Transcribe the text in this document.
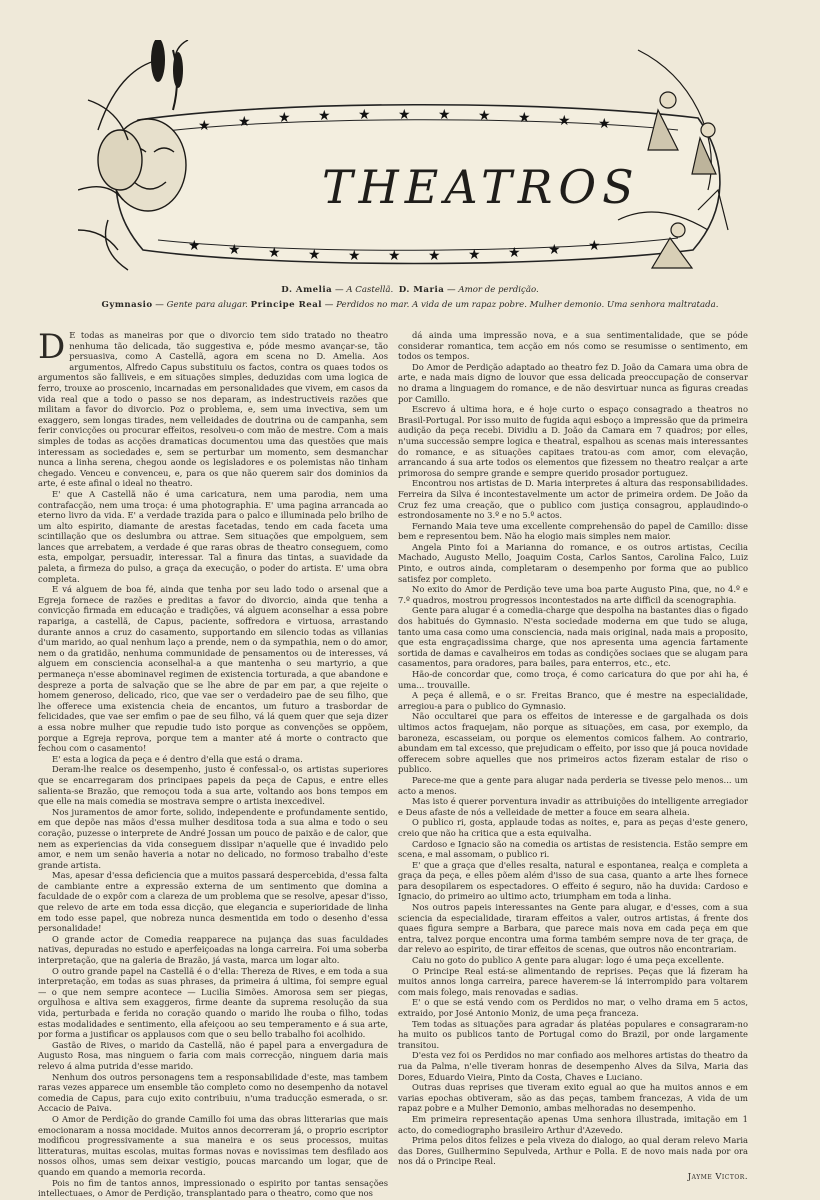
★ ★ ★ ★ ★ ★ ★ ★ ★ ★ ★
★ ★ ★ ★ ★ ★ ★ ★ ★ ★ ★
THEATROS
D. Amelia — A Castellã. D. Maria — Amor de perdição.
Gymnasio — Gente para alugar. Principe Real — Perdidos no mar. A vida de um rapaz pobre. Mulher demonio. Uma senhora maltratada.
D E todas as maneiras por que o divorcio tem sido tratado no theatro nenhuma tão delicada, tão suggestiva e, póde mesmo avançar-se, tão persuasiva, como A Castellã, agora em scena no D. Amelia. Aos argumentos, Alfredo Capus substituiu os factos, contra os quaes todos os argumentos são falliveis, e em situações simples, deduzidas com uma logica de ferro, trouxe ao proscenio, incarnadas em personalidades que vivem, em casos da vida real que a todo o passo se nos deparam, as indestructiveis razões que militam a favor do divorcio. Poz o problema, e, sem uma invectiva, sem um exaggero, sem longas tirades, nem velleidades de doutrina ou de campanha, sem ferir convicções ou procurar effeitos, resolveu-o com mão de mestre. Com a mais simples de todas as acções dramaticas documentou uma das questões que mais interessam as sociedades e, sem se perturbar um momento, sem desmanchar nunca a linha serena, chegou aonde os legisladores e os polemistas não tinham chegado. Venceu e convenceu, e, para os que não querem sair dos dominios da arte, é este afinal o ideal no theatro.

E' que A Castellã não é uma caricatura, nem uma parodia, nem uma contrafacção, nem uma troça: é uma photographia. E' uma pagina arrancada ao eterno livro da vida. E' a verdade trazida para o palco e illuminada pelo brilho de um alto espirito, diamante de arestas facetadas, tendo em cada faceta uma scintillação que os deslumbra ou attrae. Sem situações que empolguem, sem lances que arrebatem, a verdade é que raras obras de theatro conseguem, como esta, empolgar, persuadir, interessar. Tal a finura das tintas, a suavidade da paleta, a firmeza do pulso, a graça da execução, o poder do artista. E' uma obra completa.

E vá alguem de boa fé, ainda que tenha por seu lado todo o arsenal que a Egreja fornece de razões e preditas a favor do divorcio, ainda que tenha a convicção firmada em educação e tradições, vá alguem aconselhar a essa pobre rapariga, a castellã, de Capus, paciente, soffredora e virtuosa, arrastando durante annos a cruz do casamento, supportando em silencio todas as villanias d'um marido, ao qual nenhum laço a prende, nem o da sympathia, nem o do amor, nem o da gratidão, nenhuma communidade de pensamentos ou de interesses, vá alguem em consciencia aconselhal-a a que mantenha o seu martyrio, a que permaneça n'esse abominavel regimen de existencia torturada, a que abandone e despreze a porta de salvação que se lhe abre de par em par, a que rejeite o homem generoso, delicado, rico, que vae ser o verdadeiro pae de seu filho, que lhe offerece uma existencia cheia de encantos, um futuro a trasbordar de felicidades, que vae ser emfim o pae de seu filho, vá lá quem quer que seja dizer a essa nobre mulher que repudie tudo isto porque as convenções se oppõem, porque a Egreja reprova, porque tem a manter até á morte o contracto que fechou com o casamento!

E' esta a logica da peça e é dentro d'ella que está o drama.

Deram-lhe realce os desempenho, justo é confessal-o, os artistas superiores que se encarregaram dos principaes papeis da peça de Capus, e entre elles salienta-se Brazão, que remoçou toda a sua arte, voltando aos bons tempos em que elle na mais comedia se mostrava sempre o artista inexcedivel.

Nos juramentos de amor forte, solido, independente e profundamente sentido, em que depõe nas mãos d'essa mulher desditosa toda a sua alma e todo o seu coração, puzesse o interprete de André Jossan um pouco de paixão e de calor, que nem as experiencias da vida conseguem dissipar n'aquelle que é invadido pelo amor, e nem um senão haveria a notar no delicado, no formoso trabalho d'este grande artista.

Mas, apesar d'essa deficiencia que a muitos passará despercebida, d'essa falta de cambiante entre a expressão externa de um sentimento que domina a faculdade de o expôr com a clareza de um problema que se resolve, apesar d'isso, que relevo de arte em toda essa dicção, que elegancia e superioridade de linha em todo esse papel, que nobreza nunca desmentida em todo o desenho d'essa personalidade!

O grande actor de Comedia reapparece na pujança das suas faculdades nativas, depuradas no estudo e aperfeiçoadas na longa carreira. Foi uma soberba interpretação, que na galeria de Brazão, já vasta, marca um logar alto.

O outro grande papel na Castellã é o d'ella: Thereza de Rives, e em toda a sua interpretação, em todas as suas phrases, da primeira á ultima, foi sempre egual — o que nem sempre acontece — Lucilia Simões. Amorosa sem ser piegas, orgulhosa e altiva sem exaggeros, firme deante da suprema resolução da sua vida, perturbada e ferida no coração quando o marido lhe rouba o filho, todas estas modalidades e sentimento, ella afeiçoou ao seu temperamento e á sua arte, por forma a justificar os applausos com que o seu bello trabalho foi acolhido.

Gastão de Rives, o marido da Castellã, não é papel para a envergadura de Augusto Rosa, mas ninguem o faria com mais correcção, ninguem daria mais relevo á alma putrida d'esse marido.

Nenhum dos outros personagens tem a responsabilidade d'este, mas tambem raras vezes apparece um ensemble tão completo como no desempenho da notavel comedia de Capus, para cujo exito contribuiu, n'uma traducção esmerada, o sr. Accacio de Paiva.

O Amor de Perdição do grande Camillo foi uma das obras litterarias que mais emocionaram a nossa mocidade. Muitos annos decorreram já, o proprio escriptor modificou progressivamente a sua maneira e os seus processos, muitas litteraturas, muitas escolas, muitas formas novas e novissimas tem desfilado aos nossos olhos, umas sem deixar vestigio, poucas marcando um logar, que de quando em quando a memoria recorda.

Pois no fim de tantos annos, impressionado o espirito por tantas sensações intellectuaes, o Amor de Perdição, transplantado para o theatro, como que nos

dá ainda uma impressão nova, e a sua sentimentalidade, que se póde considerar romantica, tem acção em nós como se resumisse o sentimento, em todos os tempos.

Do Amor de Perdição adaptado ao theatro fez D. João da Camara uma obra de arte, e nada mais digno de louvor que essa delicada preoccupação de conservar no drama a linguagem do romance, e de não desvirtuar nunca as figuras creadas por Camillo.

Escrevo á ultima hora, e é hoje curto o espaço consagrado a theatros no Brasil-Portugal. Por isso muito de fugida aqui esboço a impressão que da primeira audição da peça recebi. Dividiu a D. João da Camara em 7 quadros; por elles, n'uma successão sempre logica e theatral, espalhou as scenas mais interessantes do romance, e as situações capitaes tratou-as com amor, com elevação, arrancando á sua arte todos os elementos que fizessem no theatro realçar a arte primorosa do sempre grande e sempre querido prosador portuguez.

Encontrou nos artistas de D. Maria interpretes á altura das responsabilidades. Ferreira da Silva é incontestavelmente um actor de primeira ordem. De João da Cruz fez uma creação, que o publico com justiça consagrou, applaudindo-o estrondosamente no 3.º e no 5.º actos.

Fernando Maia teve uma excellente comprehensão do papel de Camillo: disse bem e representou bem. Não ha elogio mais simples nem maior.

Angela Pinto foi a Marianna do romance, e os outros artistas, Cecilia Machado, Augusto Mello, Joaquim Costa, Carlos Santos, Carolina Falco, Luiz Pinto, e outros ainda, completaram o desempenho por forma que ao publico satisfez por completo.

No exito do Amor de Perdição teve uma boa parte Augusto Pina, que, no 4.º e 7.º quadros, mostrou progressos incontestados na arte difficil da scenographia.

Gente para alugar é a comedia-charge que despolha na bastantes dias o figado dos habitués do Gymnasio. N'esta sociedade moderna em que tudo se aluga, tanto uma casa como uma consciencia, nada mais original, nada mais a proposito, que esta engraçadissima charge, que nos apresenta uma agencia fartamente sortida de damas e cavalheiros em todas as condições sociaes que se alugam para casamentos, para oradores, para bailes, para enterros, etc., etc.

Hão-de concordar que, como troça, é como caricatura do que por ahi ha, é uma... trouvaille.

A peça é allemã, e o sr. Freitas Branco, que é mestre na especialidade, arregiou-a para o publico do Gymnasio.

Não occultarei que para os effeitos de interesse e de gargalhada os dois ultimos actos fraquejam, não porque as situações, em casa, por exemplo, da baroneza, escasseiam, ou porque os elementos comicos falhem. Ao contrario, abundam em tal excesso, que prejudicam o effeito, por isso que já pouca novidade offerecem sobre aquelles que nos primeiros actos fizeram estalar de riso o publico.

Parece-me que a gente para alugar nada perderia se tivesse pelo menos... um acto a menos.

Mas isto é querer porventura invadir as attribuições do intelligente arregiador e Deus afaste de nós a velleidade de metter a fouce em seara alheia.

O publico ri, gosta, applaude todas as noites, e, para as peças d'este genero, creio que não ha critica que a esta equivalha.

Cardoso e Ignacio são na comedia os artistas de resistencia. Estão sempre em scena, e mal assomam, o publico ri.

E' que a graça que d'elles resalta, natural e espontanea, realça e completa a graça da peça, e elles põem além d'isso de sua casa, quanto a arte lhes fornece para desopilarem os espectadores. O effeito é seguro, não ha duvida: Cardoso e Ignacio, do primeiro ao ultimo acto, triumpham em toda a linha.

Nos outros papeis interessantes na Gente para alugar, e d'esses, com a sua sciencia da especialidade, tiraram effeitos a valer, outros artistas, á frente dos quaes figura sempre a Barbara, que parece mais nova em cada peça em que entra, talvez porque encontra uma forma também sempre nova de ter graça, de dar relevo ao espirito, de tirar effeitos de scenas, que outros não encontrariam.

Caiu no goto do publico A gente para alugar: logo é uma peça excellente.

O Principe Real está-se alimentando de reprises. Peças que lá fizeram ha muitos annos longa carreira, parece haverem-se lá interrompido para voltarem com mais folego, mais renovadas e sadias.

E' o que se está vendo com os Perdidos no mar, o velho drama em 5 actos, extraido, por José Antonio Moniz, de uma peça franceza.

Tem todas as situações para agradar ás platéas populares e consagraram-no ha muito os publicos tanto de Portugal como do Brazil, por onde largamente transitou.

D'esta vez foi os Perdidos no mar confiado aos melhores artistas do theatro da rua da Palma, n'elle tiveram honras de desempenho Alves da Silva, Maria das Dores, Eduardo Vieira, Pinto da Costa, Chaves e Luciano.

Outras duas reprises que tiveram exito egual ao que ha muitos annos e em varias epochas obtiveram, são as das peças, tambem francezas, A vida de um rapaz pobre e a Mulher Demonio, ambas melhoradas no desempenho.

Em primeira representação apenas Uma senhora illustrada, imitação em 1 acto, do comediographo brasileiro Arthur d'Azevedo.

Prima pelos ditos felizes e pela viveza do dialogo, ao qual deram relevo Maria das Dores, Guilhermino Sepulveda, Arthur e Polla. E de novo mais nada por ora nos dá o Principe Real.

Jayme Victor.
